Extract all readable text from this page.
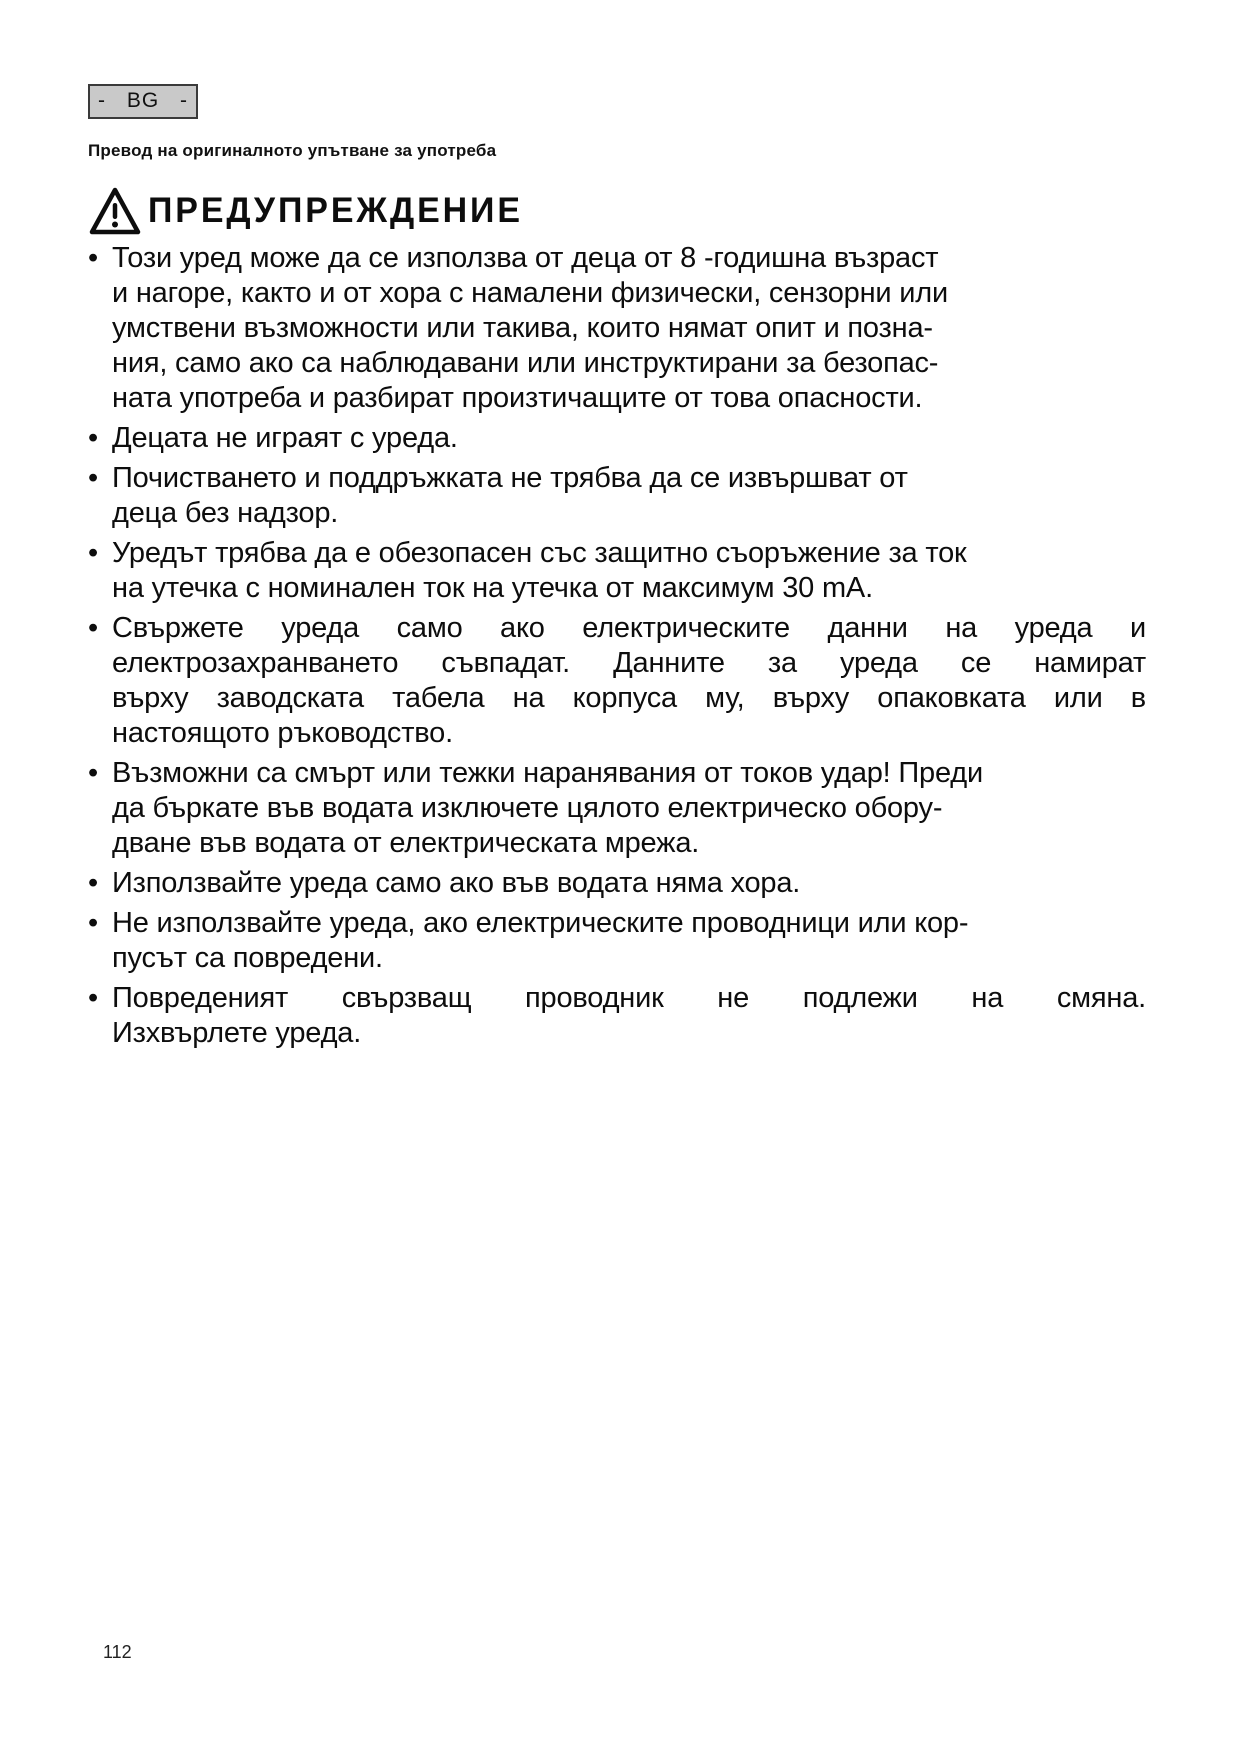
- BG -
Превод на оригиналното упътване за употреба
ПРЕДУПРЕЖДЕНИЕ
• Този уред може да се използва от деца от 8 -годишна възраст
и нагоре, както и от хора с намалени физически, сензорни или
умствени възможности или такива, които нямат опит и позна-
ния, само ако са наблюдавани или инструктирани за безопас-
ната употреба и разбират произтичащите от това опасности.
• Децата не играят с уреда.
• Почистването и поддръжката не трябва да се извършват от
деца без надзор.
• Уредът трябва да е обезопасен със защитно съоръжение за ток
на утечка с номинален ток на утечка от максимум 30 mA.
• Свържете уреда само ако електрическите данни на уреда и
електрозахранването съвпадат. Данните за уреда се намират
върху заводската табела на корпуса му, върху опаковката или в
настоящото ръководство.
• Възможни са смърт или тежки наранявания от токов удар! Преди
да бъркате във водата изключете цялото електрическо обору-
дване във водата от електрическата мрежа.
• Използвайте уреда само ако във водата няма хора.
• Не използвайте уреда, ако електрическите проводници или кор-
пусът са повредени.
• Повреденият свързващ проводник не подлежи на смяна.
Изхвърлете уреда.
112
